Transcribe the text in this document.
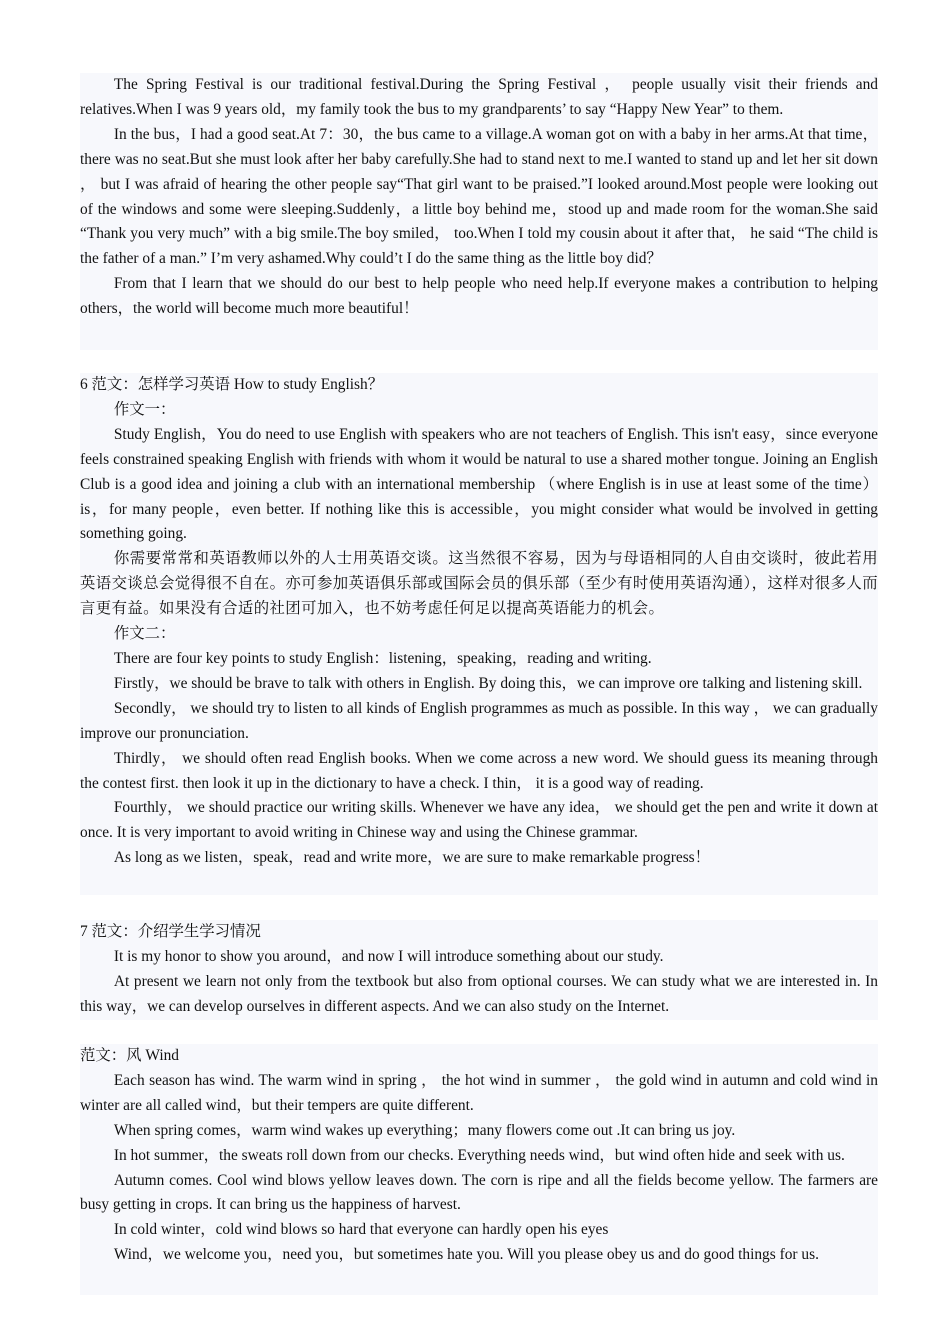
The Spring Festival is our traditional festival.During the Spring Festival ， people usually visit their friends and relatives.When I was 9 years old，my family took the bus to my grandparents’ to say “Happy New Year” to them.

In the bus，I had a good seat.At 7：30，the bus came to a village.A woman got on with a baby in her arms.At that time， there was no seat.But she must look after her baby carefully.She had to stand next to me.I wanted to stand up and let her sit down ， but I was afraid of hearing the other people say“That girl want to be praised.”I looked around.Most people were looking out of the windows and some were sleeping.Suddenly，a little boy behind me，stood up and made room for the woman.She said “Thank you very much” with a big smile.The boy smiled， too.When I told my cousin about it after that， he said “The child is the father of a man.” I’m very ashamed.Why could’t I do the same thing as the little boy did？

From that I learn that we should do our best to help people who need help.If everyone makes a contribution to helping others，the world will become much more beautiful！

6 范文：怎样学习英语 How to study English？

作文一：

Study English，You do need to use English with speakers who are not teachers of English. This isn't easy，since everyone feels constrained speaking English with friends with whom it would be natural to use a shared mother tongue. Joining an English Club is a good idea and joining a club with an international membership （where English is in use at least some of the time）is，for many people，even better. If nothing like this is accessible，you might consider what would be involved in getting something going.

你需要常常和英语教师以外的人士用英语交谈。这当然很不容易，因为与母语相同的人自由交谈时，彼此若用英语交谈总会觉得很不自在。亦可参加英语俱乐部或国际会员的俱乐部（至少有时使用英语沟通），这样对很多人而言更有益。如果没有合适的社团可加入，也不妨考虑任何足以提高英语能力的机会。

作文二：

There are four key points to study English：listening，speaking，reading and writing.

Firstly，we should be brave to talk with others in English. By doing this，we can improve ore talking and listening skill.

Secondly， we should try to listen to all kinds of English programmes as much as possible. In this way ， we can gradually improve our pronunciation.

Thirdly， we should often read English books. When we come across a new word. We should guess its meaning through the contest first. then look it up in the dictionary to have a check. I thin， it is a good way of reading.

Fourthly， we should practice our writing skills. Whenever we have any idea， we should get the pen and write it down at once. It is very important to avoid writing in Chinese way and using the Chinese grammar.

As long as we listen，speak，read and write more，we are sure to make remarkable progress！

7 范文：介绍学生学习情况

It is my honor to show you around，and now I will introduce something about our study.

At present we learn not only from the textbook but also from optional courses. We can study what we are interested in. In this way，we can develop ourselves in different aspects. And we can also study on the Internet.

范文：风 Wind

Each season has wind. The warm wind in spring ， the hot wind in summer ， the gold wind in autumn and cold wind in winter are all called wind，but their tempers are quite different.

When spring comes，warm wind wakes up everything；many flowers come out .It can bring us joy.

In hot summer，the sweats roll down from our checks. Everything needs wind，but wind often hide and seek with us.

Autumn comes. Cool wind blows yellow leaves down. The corn is ripe and all the fields become yellow. The farmers are busy getting in crops. It can bring us the happiness of harvest.

In cold winter，cold wind blows so hard that everyone can hardly open his eyes

Wind，we welcome you，need you，but sometimes hate you. Will you please obey us and do good things for us.
